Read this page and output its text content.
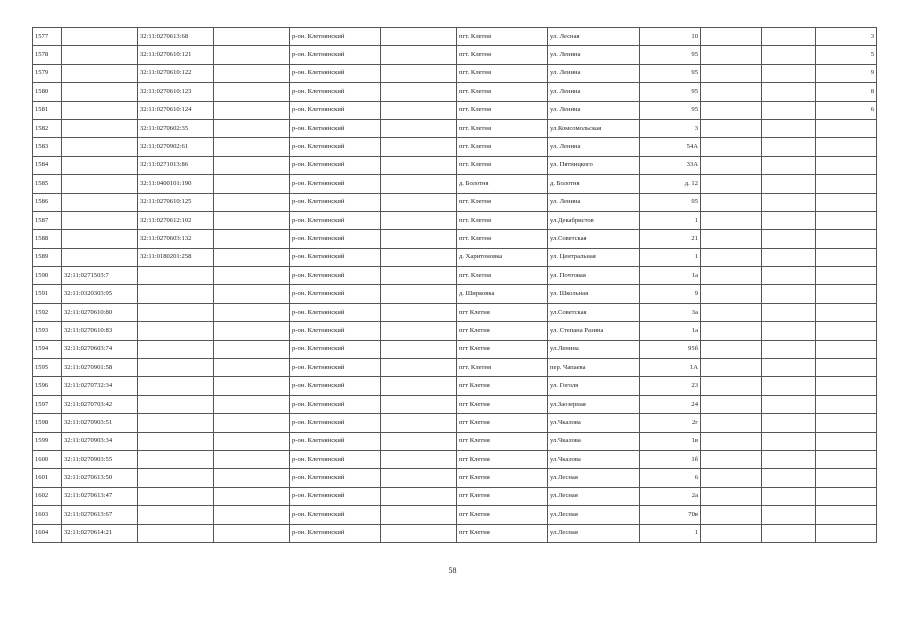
1577		32:11:0270613:68		р-он. Клетнянский		пгт. Клетня	ул. Лесная	10			3
1578		32:11:0270610:121		р-он. Клетнянский		пгт. Клетня	ул. Ленина	95			5
1579		32:11:0270610:122		р-он. Клетнянский		пгт. Клетня	ул. Ленина	95			9
1580		32:11:0270610:123		р-он. Клетнянский		пгт. Клетня	ул. Ленина	95			8
1581		32:11:0270610:124		р-он. Клетнянский		пгт. Клетня	ул. Ленина	95			6
1582		32:11:0270602:35		р-он. Клетнянский		пгт. Клетня	ул.Комсомольская	3			
1583		32:11:0270902:61		р-он. Клетнянский		пгт. Клетня	ул. Ленина	54А			
1584		32:11:0271013:86		р-он. Клетнянский		пгт. Клетня	ул. Пятницкого	33А			
1585		32:11:0400101:190		р-он. Клетнянский		д. Болотня	д. Болотня	д. 12			
1586		32:11:0270610:125		р-он. Клетнянский		пгт. Клетня	ул. Ленина	95			
1587		32:11:0270612:102		р-он. Клетнянский		пгт. Клетня	ул.Декабристов	1			
1588		32:11:0270603:132		р-он. Клетнянский		пгт. Клетня	ул.Советская	21			
1589		32:11:0180201:258		р-он. Клетнянский		д. Харитоновка	ул. Центральная	1			
1590	32:11:0271503:7			р-он. Клетнянский		пгт. Клетня	ул. Почтовая	1а			
1591	32:11:0320303:95			р-он. Клетнянский		д. Ширковка	ул. Школьная	9			
1592	32:11:0270610:80			р-он. Клетнянский		пгт Клетня	ул.Советская	3а			
1593	32:11:0270610:83			р-он. Клетнянский		пгт Клетня	ул. Степана Разина	1а			
1594	32:11:0270603:74			р-он. Клетнянский		пгт Клетня	ул.Ленина	95б			
1595	32:11:0270901:58			р-он. Клетнянский		пгт. Клетня	пер. Чапаева	1А			
1596	32:11:0270732:34			р-он. Клетнянский		пгт Клетня	ул. Гоголя	23			
1597	32:11:0270703:42			р-он. Клетнянский		пгт Клетня	ул.Заозерная	24			
1598	32:11:0270903:51			р-он. Клетнянский		пгт Клетня	ул.Чкалова	2г			
1599	32:11:0270903:34			р-он. Клетнянский		пгт Клетня	ул.Чкалова	1в			
1600	32:11:0270903:55			р-он. Клетнянский		пгт Клетня	ул.Чкалова	1б			
1601	32:11:0270613:50			р-он. Клетнянский		пгт Клетня	ул.Лесная	6			
1602	32:11:0270613:47			р-он. Клетнянский		пгт Клетня	ул.Лесная	2а			
1603	32:11:0270613:67			р-он. Клетнянский		пгт Клетня	ул.Лесная	70в			
1604	32:11:0270614:21			р-он. Клетнянский		пгт Клетня	ул.Лесная	1			
58
